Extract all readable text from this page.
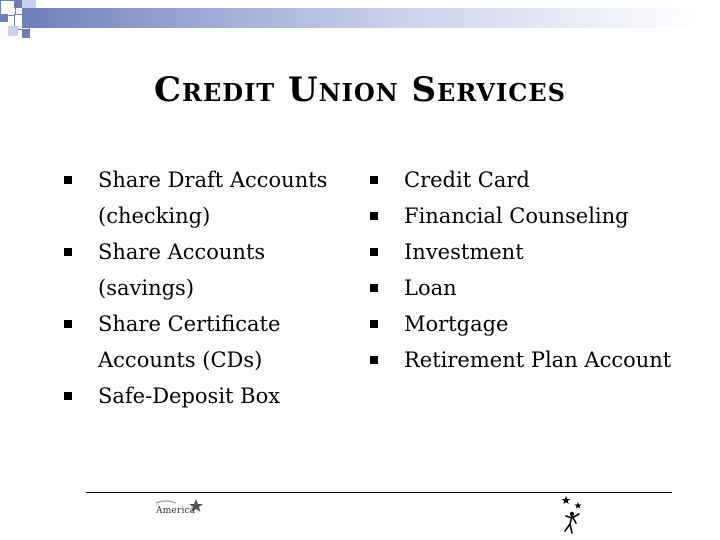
1.7.3.G1
Credit Union Services
Share Draft Accounts (checking)
Share Accounts (savings)
Share Certificate Accounts (CDs)
Safe-Deposit Box
Credit Card
Financial Counseling
Investment
Loan
Mortgage
Retirement Plan Account
America
